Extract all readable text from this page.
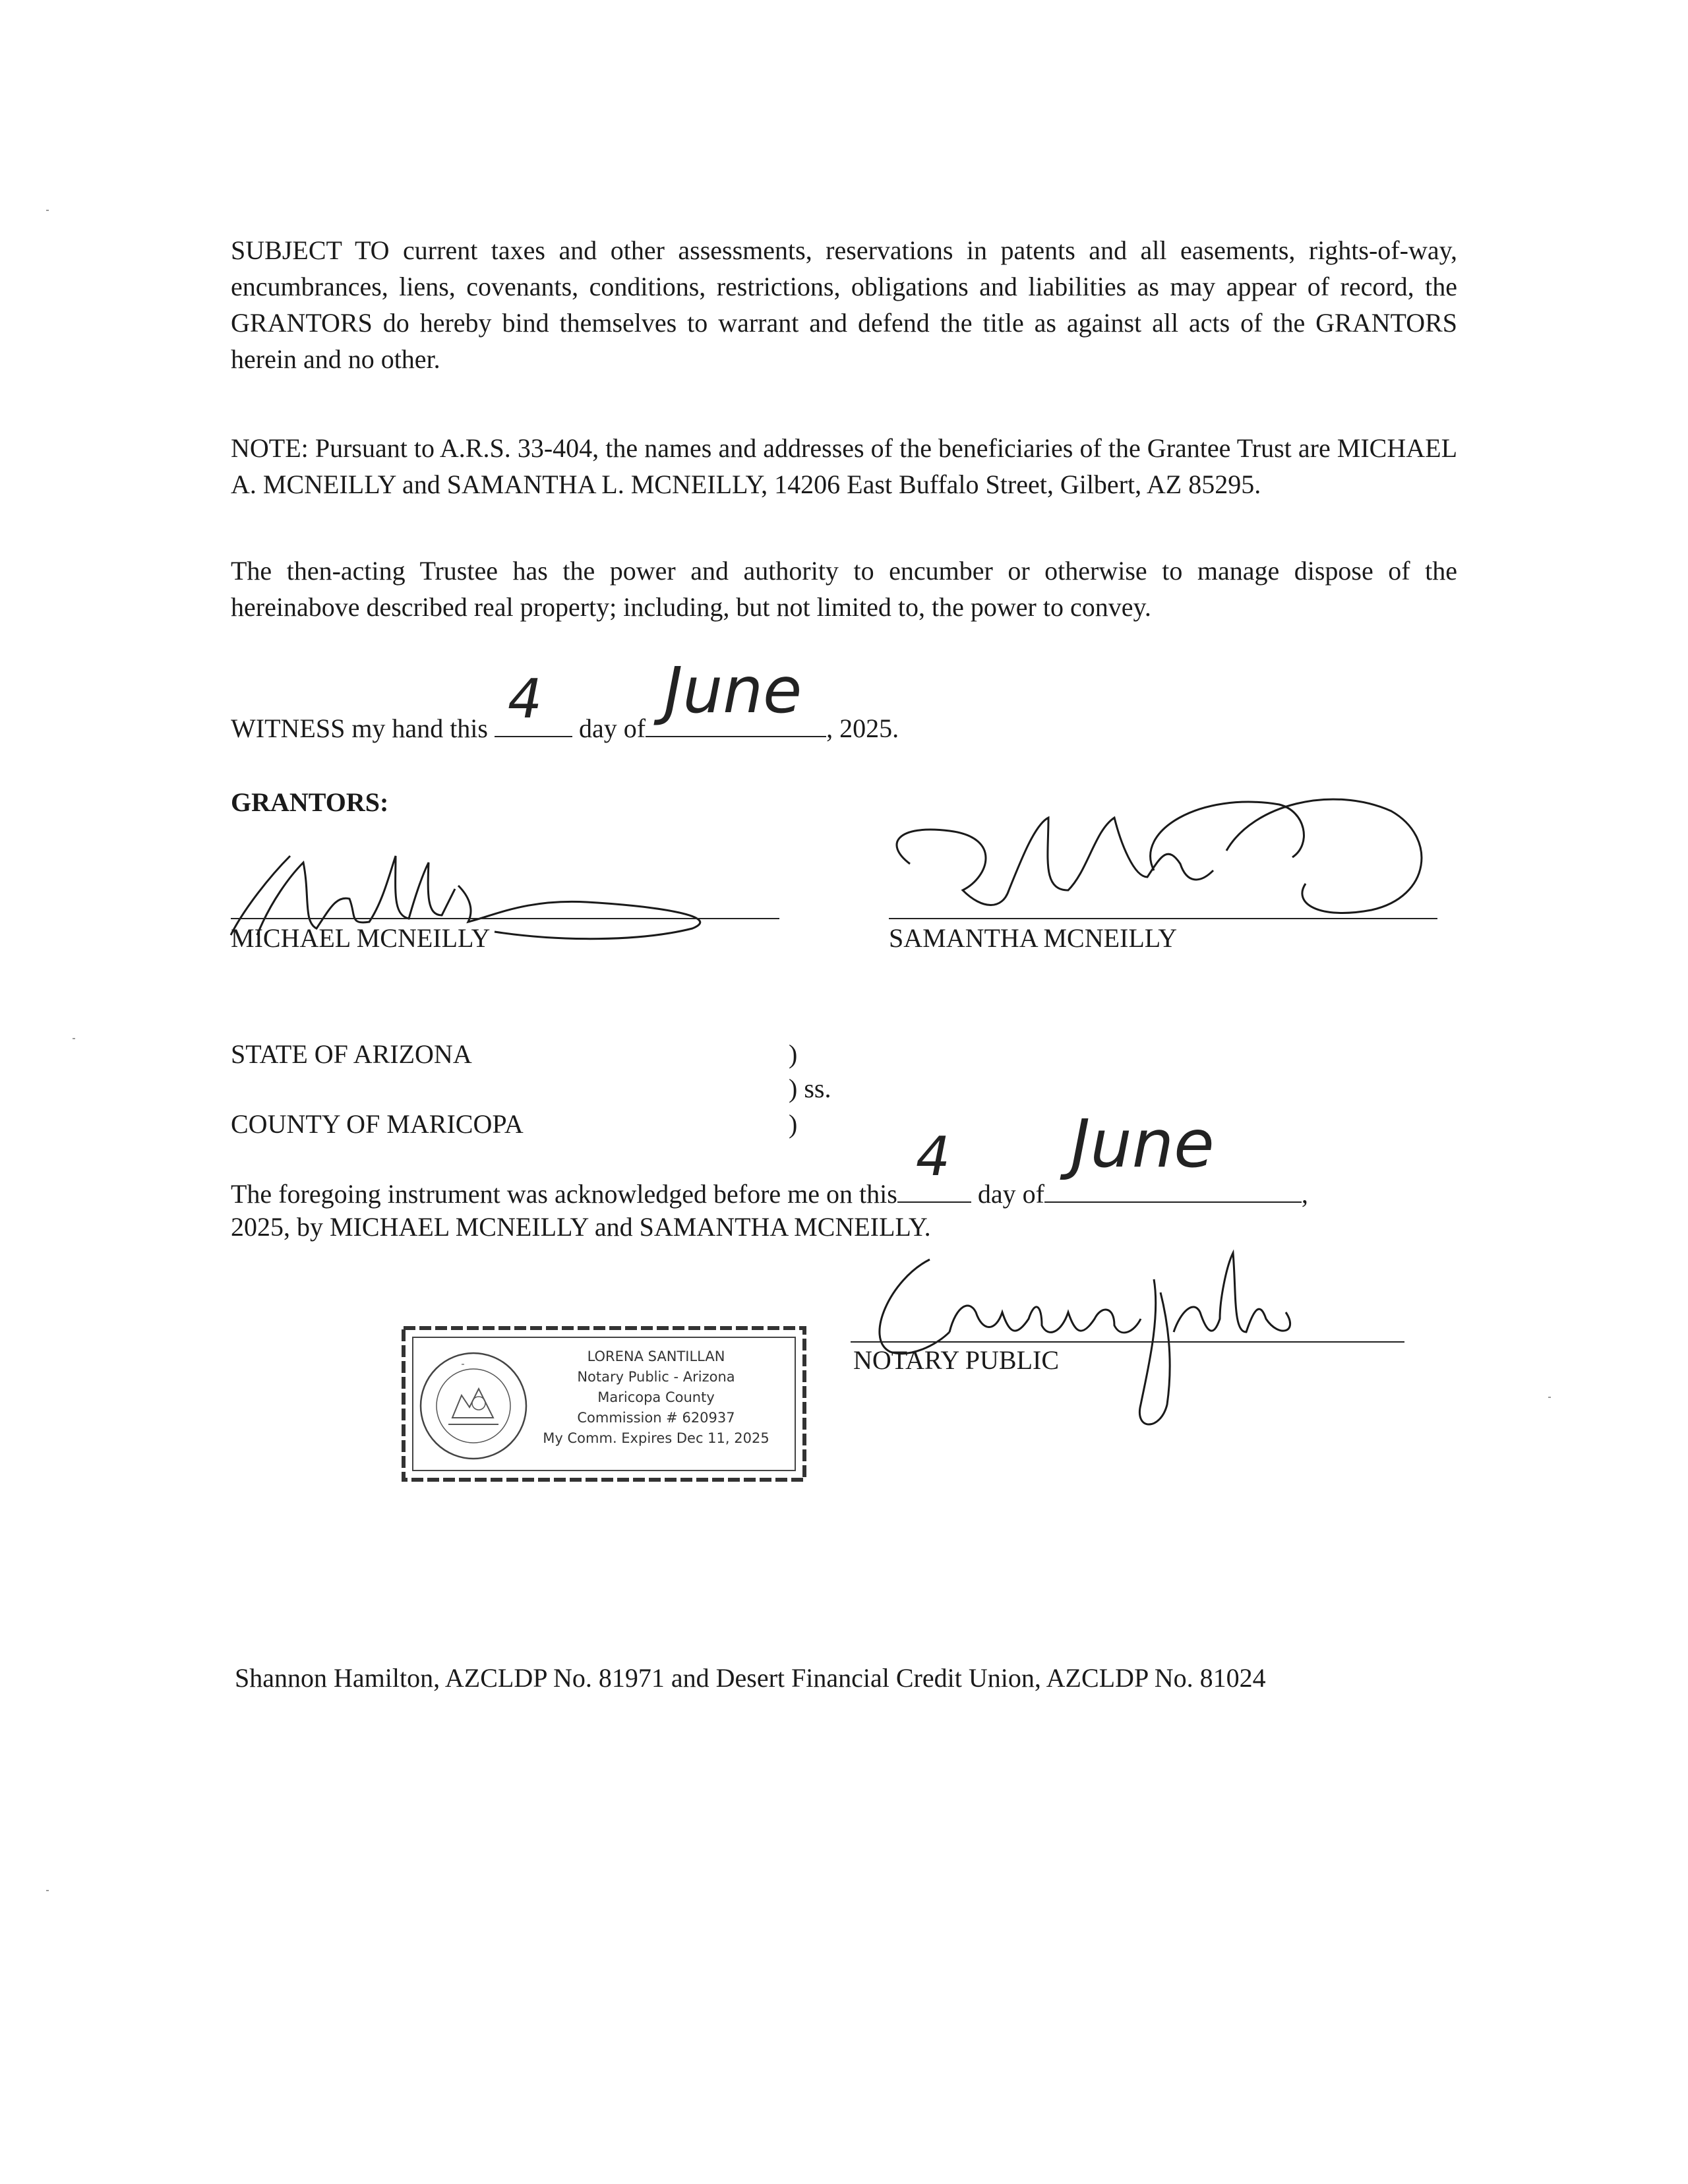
SUBJECT TO current taxes and other assessments, reservations in patents and all easements, rights-of-way, encumbrances, liens, covenants, conditions, restrictions, obligations and liabilities as may appear of record, the GRANTORS do hereby bind themselves to warrant and defend the title as against all acts of the GRANTORS herein and no other.
NOTE: Pursuant to A.R.S. 33-404, the names and addresses of the beneficiaries of the Grantee Trust are MICHAEL A. MCNEILLY and SAMANTHA L. MCNEILLY, 14206 East Buffalo Street, Gilbert, AZ 85295.
The then-acting Trustee has the power and authority to encumber or otherwise to manage dispose of the hereinabove described real property; including, but not limited to, the power to convey.
WITNESS my hand this 4 day of
June
, 2025.
GRANTORS:
MICHAEL MCNEILLY	SAMANTHA MCNEILLY
STATE OF ARIZONA	)
) ss.
COUNTY OF MARICOPA	)
The foregoing instrument was acknowledged before me on this
4
day of
June
,
2025, by MICHAEL MCNEILLY and SAMANTHA MCNEILLY.
NOTARY PUBLIC
LORENA SANTILLAN
Notary Public - Arizona
Maricopa County
Commission # 620937
My Comm. Expires Dec 11, 2025
Shannon Hamilton, AZCLDP No. 81971 and Desert Financial Credit Union, AZCLDP No. 81024
